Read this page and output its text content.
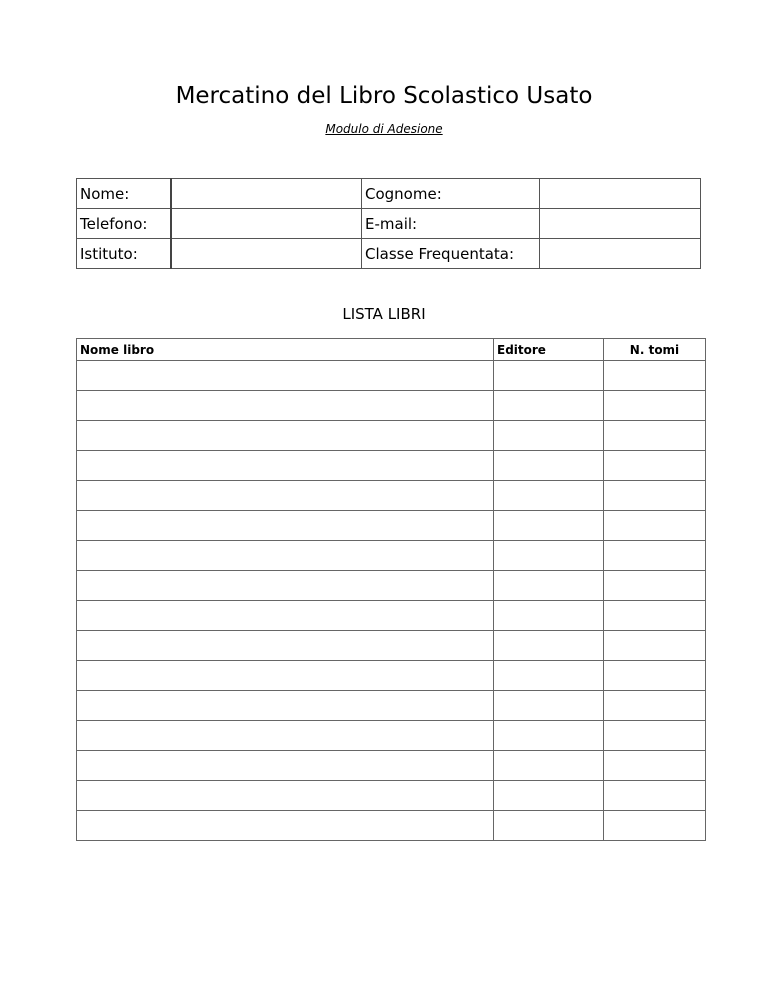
Mercatino del Libro Scolastico Usato
Modulo di Adesione
Nome:		Cognome:	
Telefono:		E-mail:	
Istituto:		Classe Frequentata:	
LISTA LIBRI
Nome libro	Editore	N. tomi
